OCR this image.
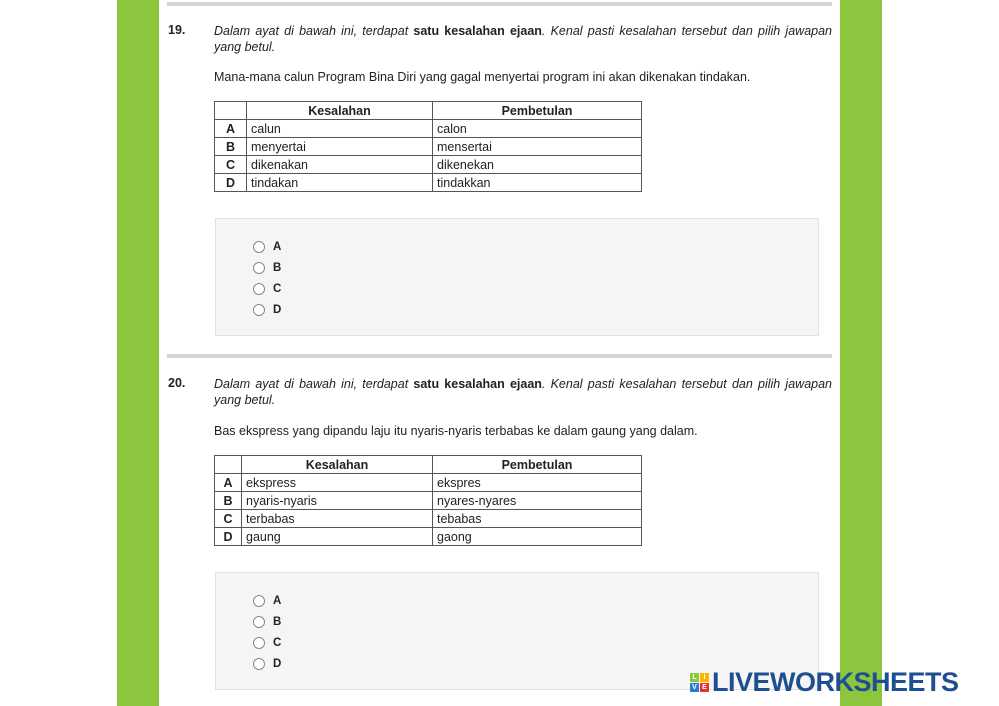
19. Dalam ayat di bawah ini, terdapat satu kesalahan ejaan. Kenal pasti kesalahan tersebut dan pilih jawapan yang betul.
Mana-mana calun Program Bina Diri yang gagal menyertai program ini akan dikenakan tindakan.
	Kesalahan	Pembetulan
A	calun	calon
B	menyertai	mensertai
C	dikenakan	dikenekan
D	tindakan	tindakkan
A
B
C
D
20. Dalam ayat di bawah ini, terdapat satu kesalahan ejaan. Kenal pasti kesalahan tersebut dan pilih jawapan yang betul.
Bas ekspress yang dipandu laju itu nyaris-nyaris terbabas ke dalam gaung yang dalam.
	Kesalahan	Pembetulan
A	ekspress	ekspres
B	nyaris-nyaris	nyares-nyares
C	terbabas	tebabas
D	gaung	gaong
A
B
C
D
L I
V E LIVEWORKSHEETS
